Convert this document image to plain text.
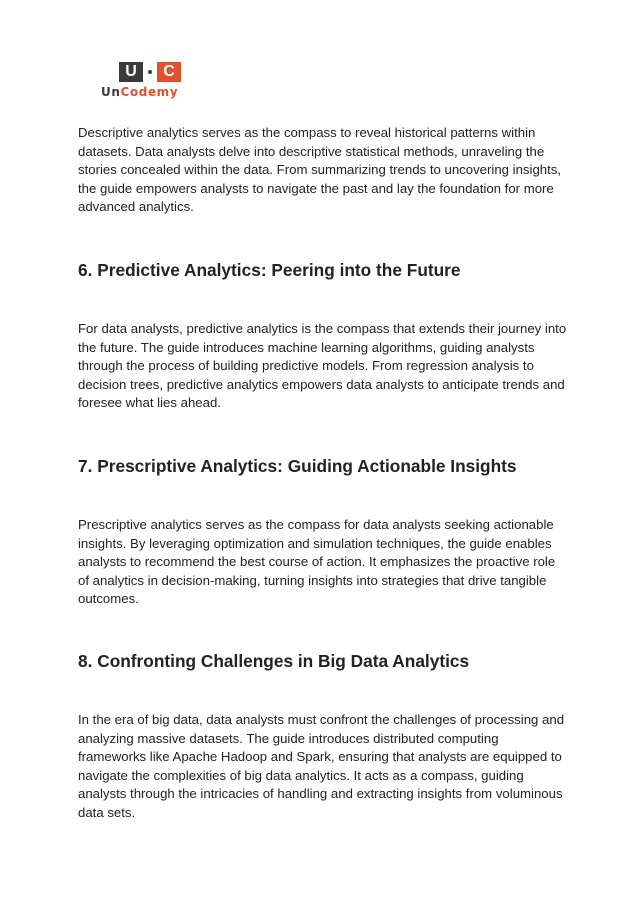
U	C
UnCodemy

Descriptive analytics serves as the compass to reveal historical patterns within datasets. Data analysts delve into descriptive statistical methods, unraveling the stories concealed within the data. From summarizing trends to uncovering insights, the guide empowers analysts to navigate the past and lay the foundation for more advanced analytics.

6. Predictive Analytics: Peering into the Future

For data analysts, predictive analytics is the compass that extends their journey into the future. The guide introduces machine learning algorithms, guiding analysts through the process of building predictive models. From regression analysis to decision trees, predictive analytics empowers data analysts to anticipate trends and foresee what lies ahead.

7. Prescriptive Analytics: Guiding Actionable Insights

Prescriptive analytics serves as the compass for data analysts seeking actionable insights. By leveraging optimization and simulation techniques, the guide enables analysts to recommend the best course of action. It emphasizes the proactive role of analytics in decision-making, turning insights into strategies that drive tangible outcomes.

8. Confronting Challenges in Big Data Analytics

In the era of big data, data analysts must confront the challenges of processing and analyzing massive datasets. The guide introduces distributed computing frameworks like Apache Hadoop and Spark, ensuring that analysts are equipped to navigate the complexities of big data analytics. It acts as a compass, guiding analysts through the intricacies of handling and extracting insights from voluminous data sets.
